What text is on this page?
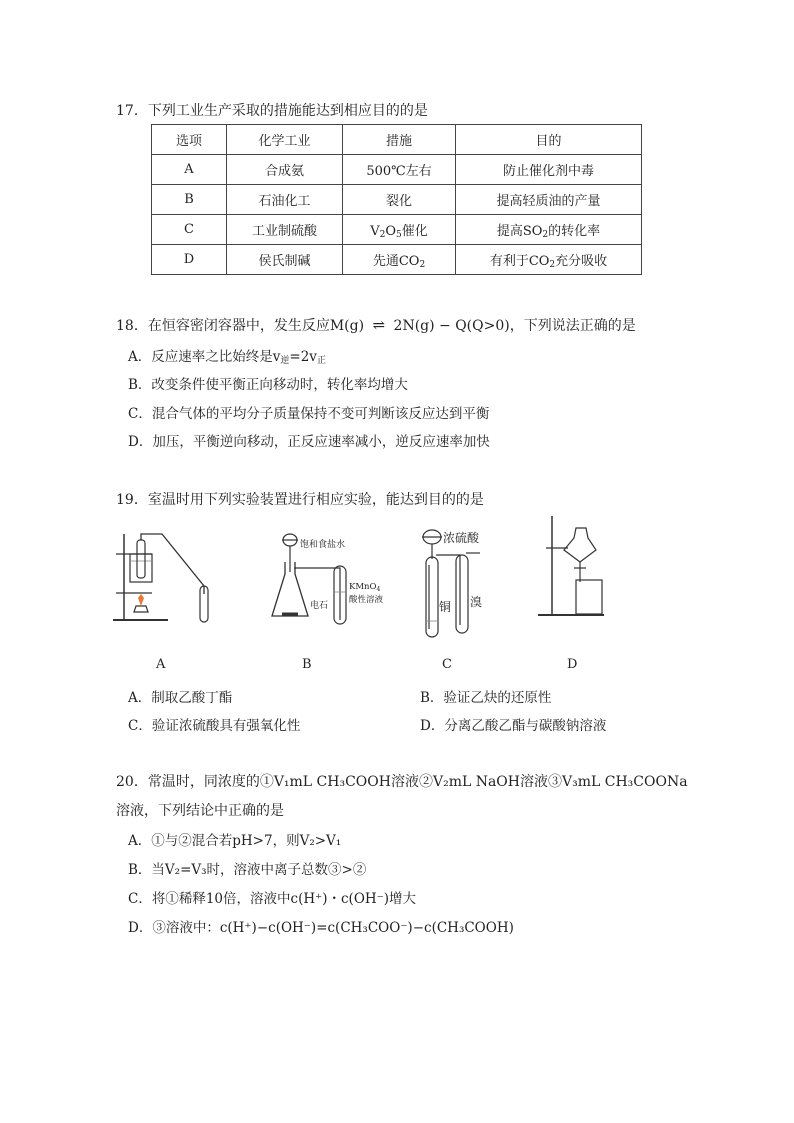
17．下列工业生产采取的措施能达到相应目的的是
选项	化学工业	措施	目的
A	合成氨	500℃左右	防止催化剂中毒
B	石油化工	裂化	提高轻质油的产量
C	工业制硫酸	$V_2O_5$催化	提高$SO_2$的转化率
D	侯氏制碱	先通$CO_2$	有利于$CO_2$充分吸收
18．在恒容密闭容器中，发生反应M(g) ⇌ 2N(g) − Q(Q>0)，下列说法正确的是
A．反应速率之比始终是$v_逆=2v_正$
B．改变条件使平衡正向移动时，转化率均增大
C．混合气体的平均分子质量保持不变可判断该反应达到平衡
D．加压，平衡逆向移动，正反应速率减小，逆反应速率加快
19．室温时用下列实验装置进行相应实验，能达到目的的是
饱和食盐水
电石
KMnO$_4$
酸性溶液
浓硫酸
铜 溴
A	B	C	D
A．制取乙酸丁酯	B．验证乙炔的还原性
C．验证浓硫酸具有强氧化性	D．分离乙酸乙酯与碳酸钠溶液
20．常温时，同浓度的①V₁mL CH₃COOH溶液②V₂mL NaOH溶液③V₃mL CH₃COONa
溶液，下列结论中正确的是
A．①与②混合若pH>7，则V₂>V₁
B．当V₂=V₃时，溶液中离子总数③>②
C．将①稀释10倍，溶液中c(H⁺)・c(OH⁻)增大
D．③溶液中：c(H⁺)−c(OH⁻)=c(CH₃COO⁻)−c(CH₃COOH)
